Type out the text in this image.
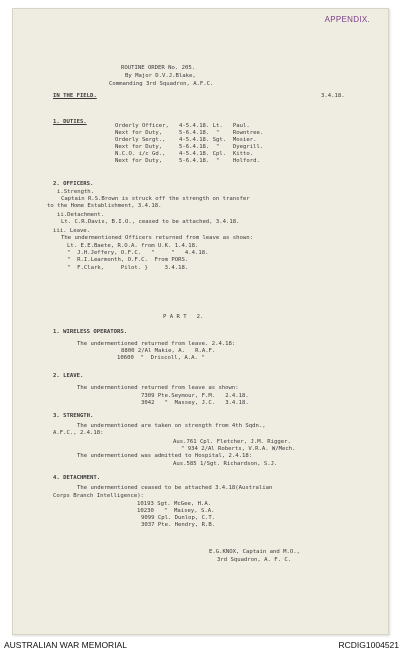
APPENDIX.
ROUTINE ORDER No. 205.
By Major D.V.J.Blake,
Commanding 3rd Squadron, A.F.C.
IN THE FIELD.	3.4.18.
1. DUTIES.
Orderly Officer,   4-5.4.18. Lt.   Paul.
Next for Duty,     5-6.4.18.  "    Rowntree.
Orderly Sergt.,    4-5.4.18. Sgt.  Mosier.
Next for Duty,     5-6.4.18.  "    Dyegrill.
N.C.O. i/c Gd.,    4-5.4.18. Cpl.  Kitto.
Next for Duty,     5-6.4.18.  "    Holford.
2. OFFICERS.
i.Strength.
Captain R.S.Brown is struck off the strength on transfer
to the Home Establishment, 3.4.18.
ii.Detachment.
Lt. C.R.Davis, B.I.O., ceased to be attached, 3.4.18.
iii. Leave.
The undermentioned Officers returned from leave as shown:
Lt. E.E.Baete, R.O.A. from U.K. 1.4.18.
"  J.H.Jeffery, O.F.C.   "     "   4.4.18.
"  R.I.Learmonth, O.F.C.  From PORS.
"  F.Clark,     Pilot. }     3.4.18.
P A R T   2.
1. WIRELESS OPERATORS.
The undermentioned returned from leave. 2.4.18:
8800 2/Al Makie, A.   R.A.F.
10600  "  Driscoll, A.A. "
2. LEAVE.
The undermentioned returned from leave as shown:
7309 Pte.Seymour, F.M.   2.4.18.
3042   "  Massey, J.C.   3.4.18.
3. STRENGTH.
The undermentioned are taken on strength from 4th Sqdn.,
A.F.C., 2.4.18:
Aus.761 Cpl. Fletcher, J.M. Rigger.
" 934 2/Al Roberts, V.R.A. W/Mech.
The undermentioned was admitted to Hospital, 2.4.18:
Aus.585 1/Sgt. Richardson, S.J.
4. DETACHMENT.
The undermentioned ceased to be attached 3.4.18(Australian
Corps Branch Intelligence):
10193 Sgt. McGee, H.A.
10230   "  Maisey, S.A.
9099 Cpl. Dunlop, C.T.
3037 Pte. Hendry, R.B.
E.G.KNOX, Captain and M.O.,
3rd Squadron, A. F. C.
AUSTRALIAN WAR MEMORIAL	RCDIG1004521
